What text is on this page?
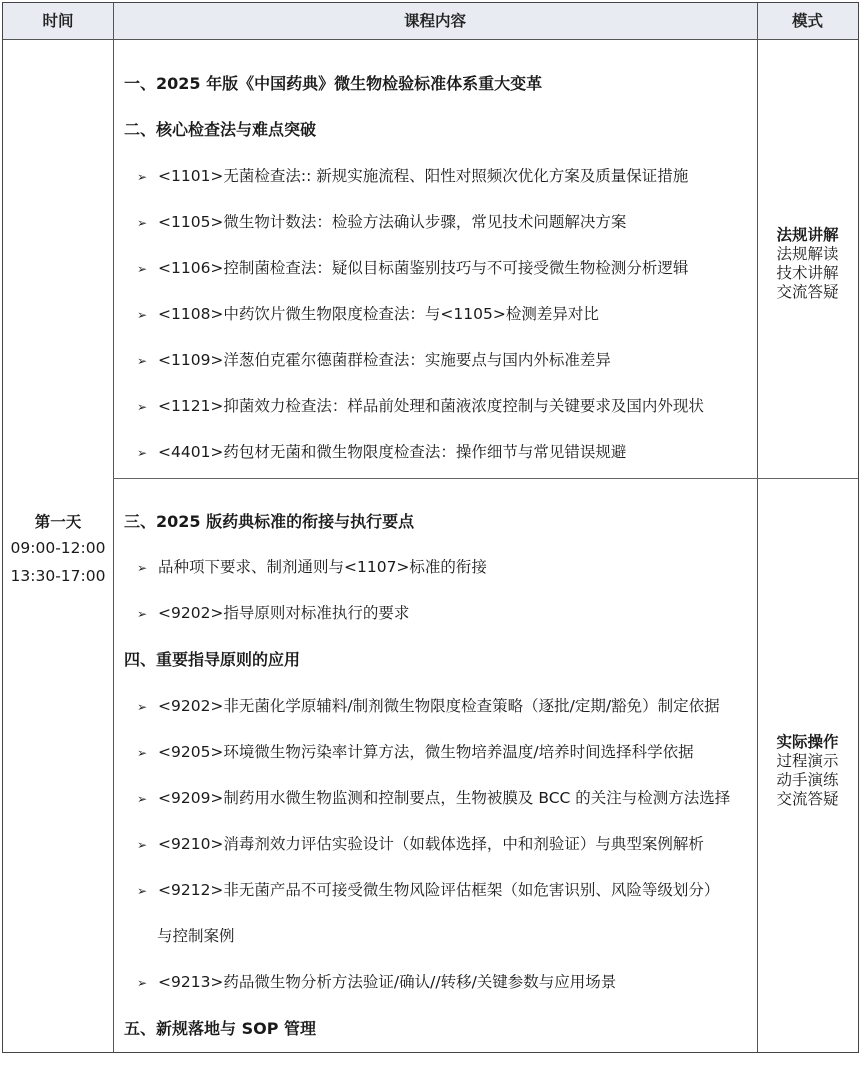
时间	课程内容	模式
第一天
09:00-12:00
13:30-17:00
法规讲解
法规解读
技术讲解
交流答疑
实际操作
过程演示
动手演练
交流答疑
一、2025 年版《中国药典》微生物检验标准体系重大变革
二、核心检查法与难点突破
➢ <1101>无菌检查法:: 新规实施流程、阳性对照频次优化方案及质量保证措施
➢ <1105>微生物计数法：检验方法确认步骤，常见技术问题解决方案
➢ <1106>控制菌检查法：疑似目标菌鉴别技巧与不可接受微生物检测分析逻辑
➢ <1108>中药饮片微生物限度检查法：与<1105>检测差异对比
➢ <1109>洋葱伯克霍尔德菌群检查法：实施要点与国内外标准差异
➢ <1121>抑菌效力检查法：样品前处理和菌液浓度控制与关键要求及国内外现状
➢ <4401>药包材无菌和微生物限度检查法：操作细节与常见错误规避
三、2025 版药典标准的衔接与执行要点
➢ 品种项下要求、制剂通则与<1107>标准的衔接
➢ <9202>指导原则对标准执行的要求
四、重要指导原则的应用
➢ <9202>非无菌化学原辅料/制剂微生物限度检查策略（逐批/定期/豁免）制定依据
➢ <9205>环境微生物污染率计算方法，微生物培养温度/培养时间选择科学依据
➢ <9209>制药用水微生物监测和控制要点，生物被膜及 BCC 的关注与检测方法选择
➢ <9210>消毒剂效力评估实验设计（如载体选择，中和剂验证）与典型案例解析
➢ <9212>非无菌产品不可接受微生物风险评估框架（如危害识别、风险等级划分）
与控制案例
➢ <9213>药品微生物分析方法验证/确认//转移/关键参数与应用场景
五、新规落地与 SOP 管理
